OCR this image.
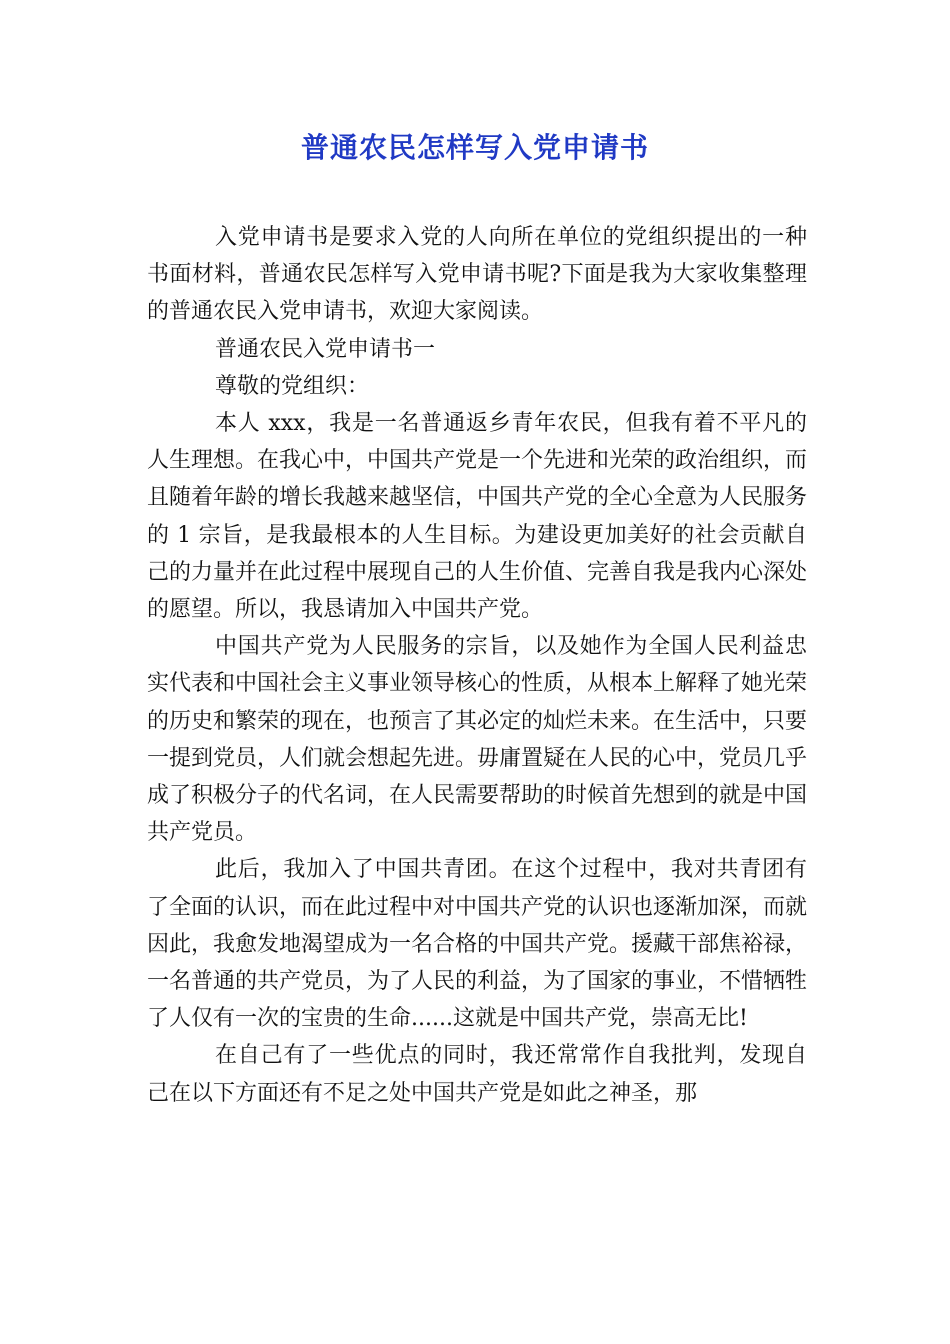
普通农民怎样写入党申请书

入党申请书是要求入党的人向所在单位的党组织提出的一种书面材料，普通农民怎样写入党申请书呢?下面是我为大家收集整理的普通农民入党申请书，欢迎大家阅读。

普通农民入党申请书一

尊敬的党组织：

本人 xxx，我是一名普通返乡青年农民，但我有着不平凡的人生理想。在我心中，中国共产党是一个先进和光荣的政治组织，而且随着年龄的增长我越来越坚信，中国共产党的全心全意为人民服务的 1 宗旨，是我最根本的人生目标。为建设更加美好的社会贡献自己的力量并在此过程中展现自己的人生价值、完善自我是我内心深处的愿望。所以，我恳请加入中国共产党。

中国共产党为人民服务的宗旨，以及她作为全国人民利益忠实代表和中国社会主义事业领导核心的性质，从根本上解释了她光荣的历史和繁荣的现在，也预言了其必定的灿烂未来。在生活中，只要一提到党员，人们就会想起先进。毋庸置疑在人民的心中，党员几乎成了积极分子的代名词，在人民需要帮助的时候首先想到的就是中国共产党员。

此后，我加入了中国共青团。在这个过程中，我对共青团有了全面的认识，而在此过程中对中国共产党的认识也逐渐加深，而就因此，我愈发地渴望成为一名合格的中国共产党。援藏干部焦裕禄，一名普通的共产党员，为了人民的利益，为了国家的事业，不惜牺牲了人仅有一次的宝贵的生命......这就是中国共产党，崇高无比!

在自己有了一些优点的同时，我还常常作自我批判，发现自己在以下方面还有不足之处中国共产党是如此之神圣，那
